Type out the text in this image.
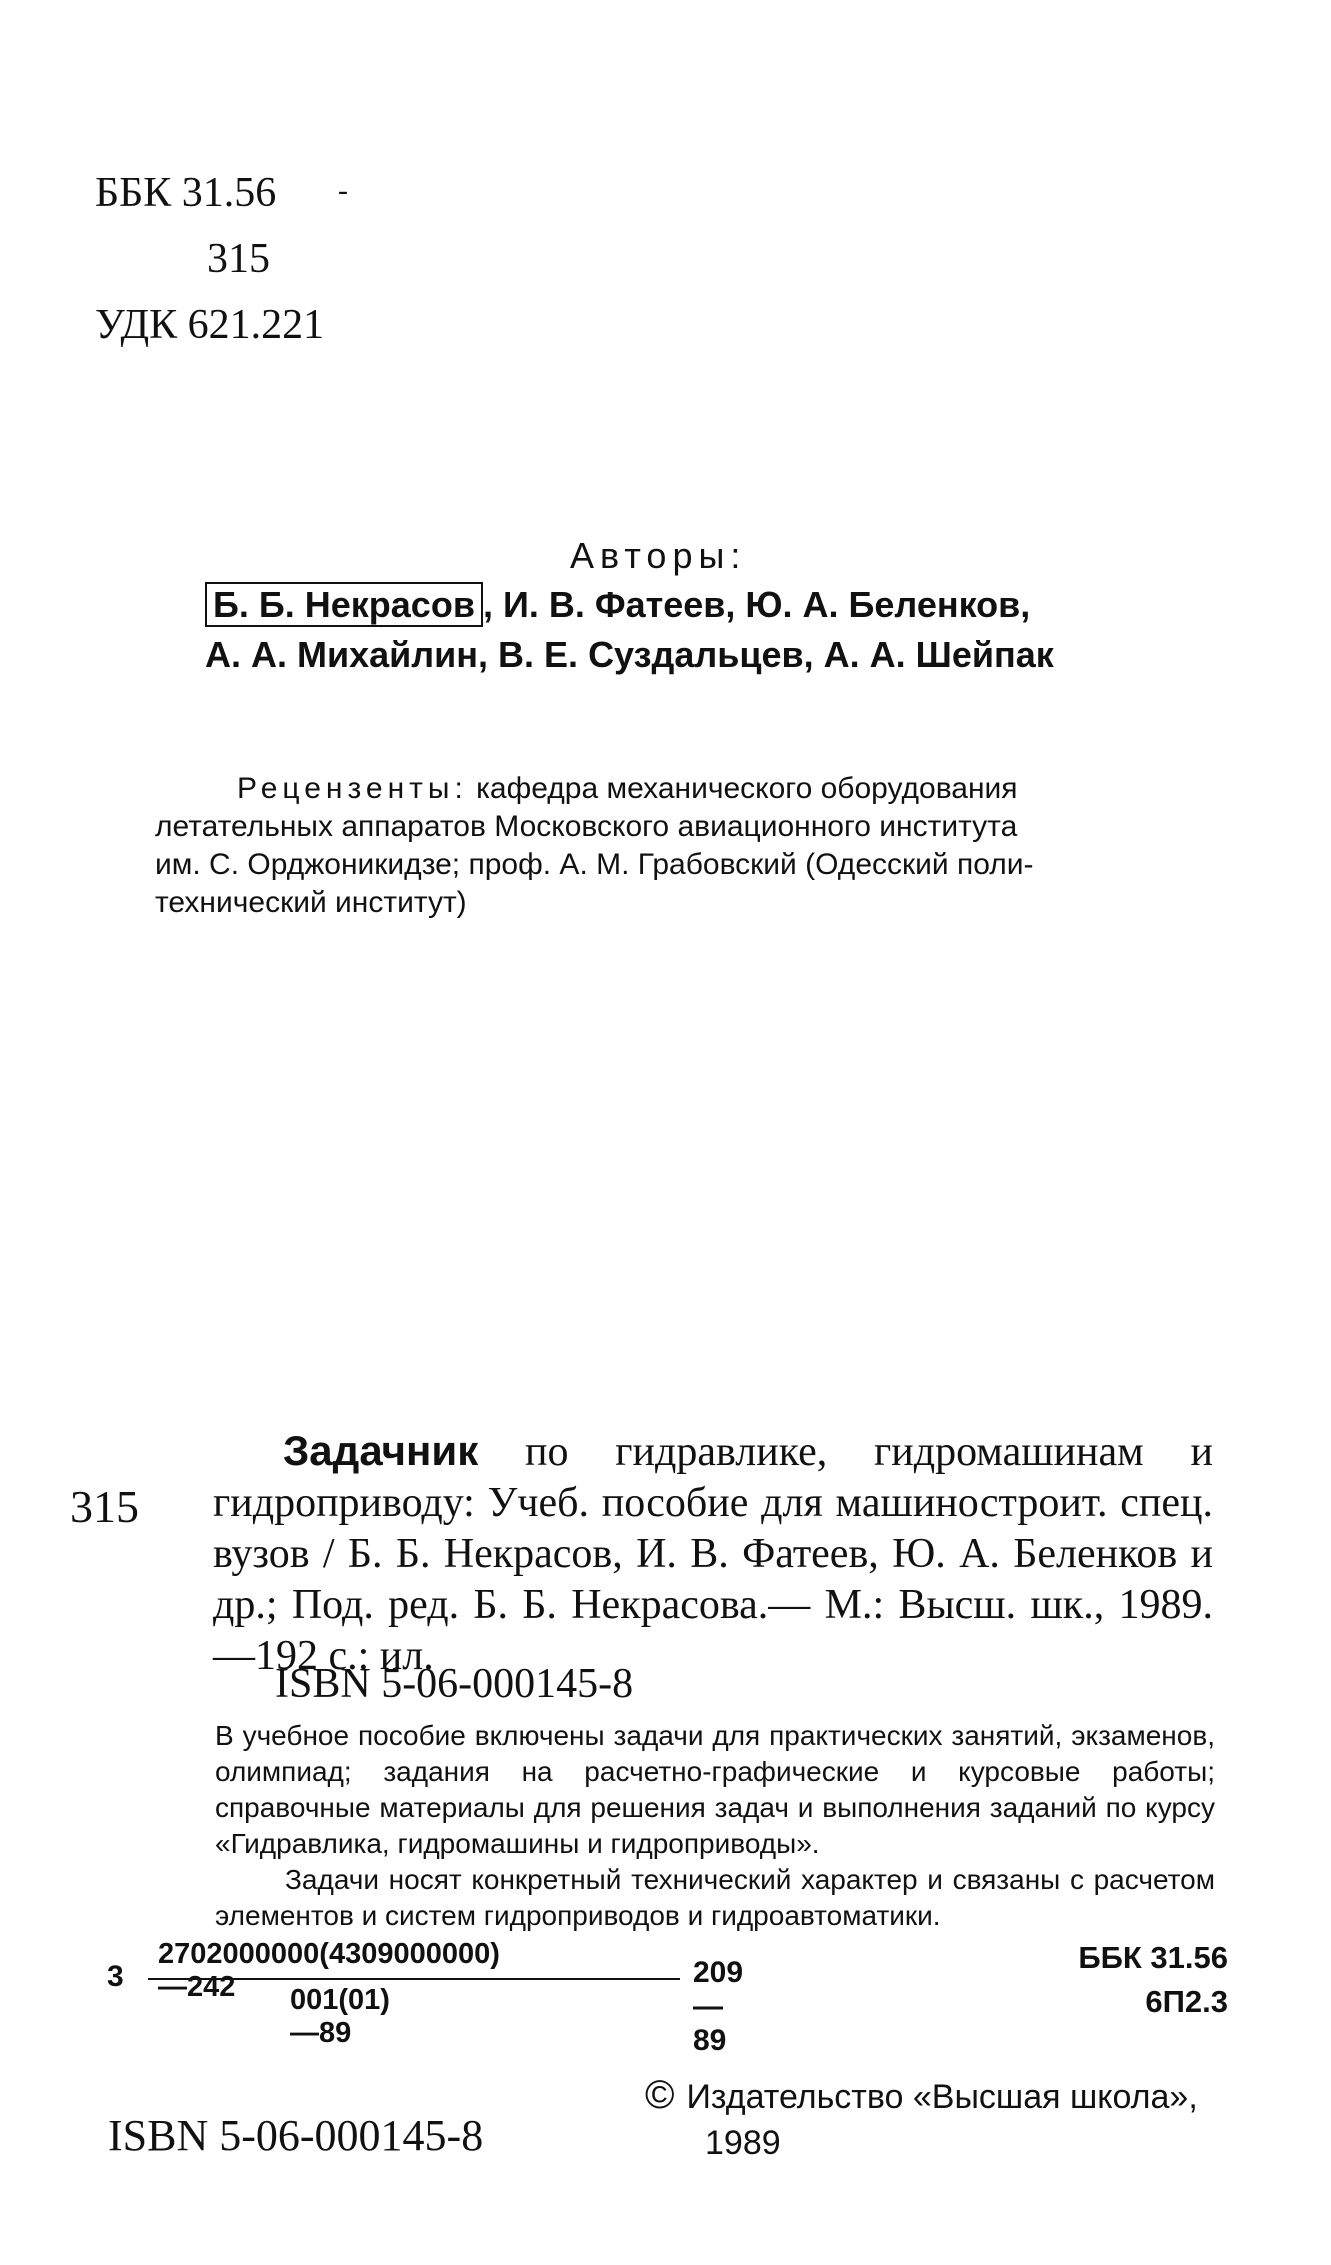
ББК 31.56	-
315
УДК 621.221
Авторы:
Б. Б. Некрасов , И. В. Фатеев, Ю. А. Беленков,
А. А. Михайлин, В. Е. Суздальцев, А. А. Шейпак

Рецензенты: кафедра механического оборудования

летательных аппаратов Московского авиационного института

им. С. Орджоникидзе; проф. А. М. Грабовский (Одесский поли-

технический институт)

315
Задачник по гидравлике, гидромашинам и гидроприводу: Учеб. пособие для машиностроит. спец. вузов / Б. Б. Некрасов, И. В. Фатеев, Ю. А. Беленков и др.; Под. ред. Б. Б. Некрасова.— М.: Высш. шк., 1989.—192 с.: ил.
ISBN 5-06-000145-8

В учебное пособие включены задачи для практических занятий, экзаменов, олимпиад; задания на расчетно-графические и курсовые работы; справочные материалы для решения задач и выполнения заданий по курсу «Гидравлика, гидромашины и гидроприводы».

Задачи носят конкретный технический характер и связаны с расчетом элементов и систем гидроприводов и гидроавтоматики.

3
2702000000(4309000000) —242	001(01) —89
209—89
ББК 31.56
6П2.3
ISBN 5-06-000145-8
© Издательство «Высшая школа»,
1989
